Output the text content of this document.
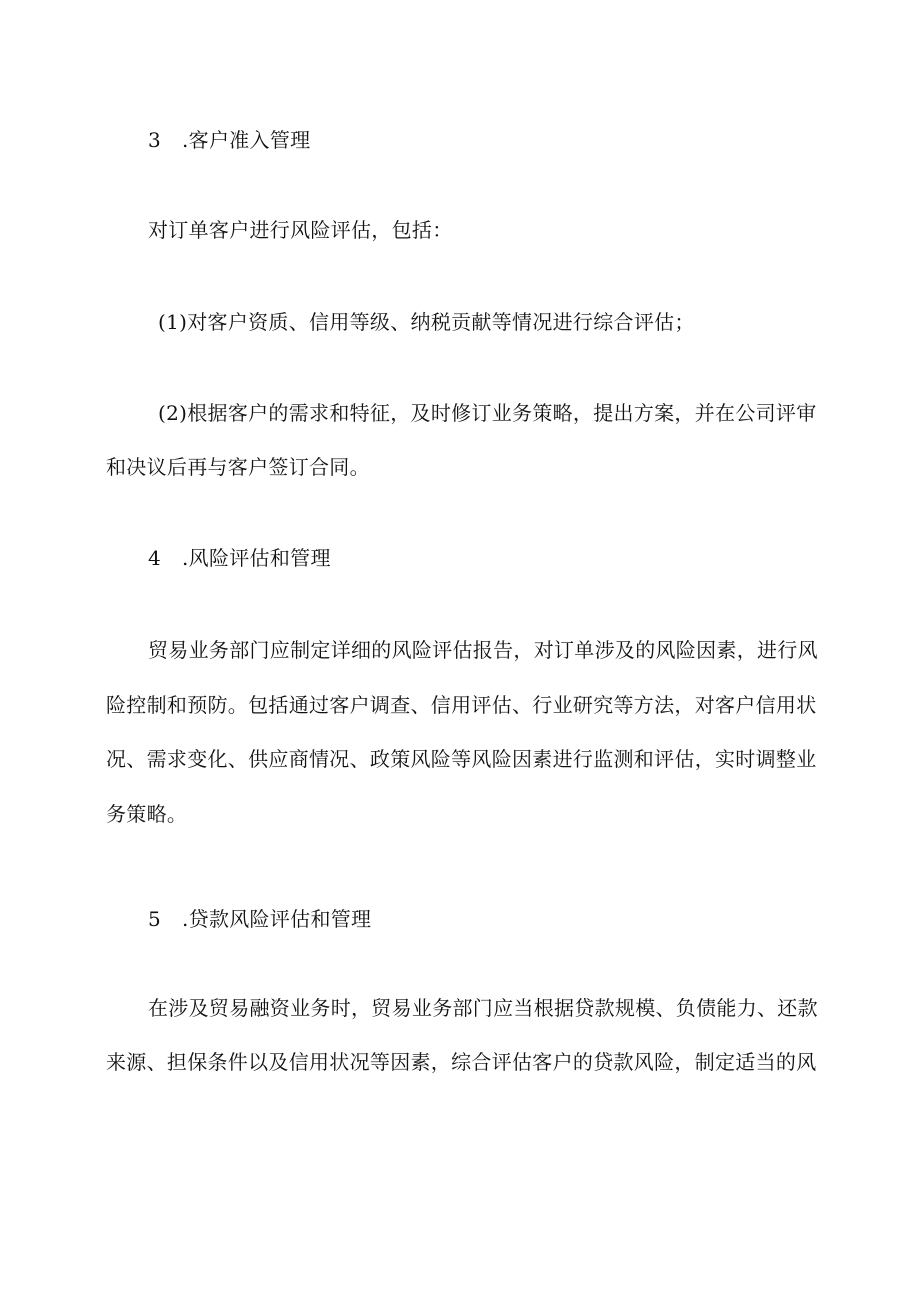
3 .客户准入管理

对订单客户进行风险评估，包括：

(1)对客户资质、信用等级、纳税贡献等情况进行综合评估；

(2)根据客户的需求和特征，及时修订业务策略，提出方案，并在公司评审

和决议后再与客户签订合同。

4 .风险评估和管理

贸易业务部门应制定详细的风险评估报告，对订单涉及的风险因素，进行风

险控制和预防。包括通过客户调查、信用评估、行业研究等方法，对客户信用状

况、需求变化、供应商情况、政策风险等风险因素进行监测和评估，实时调整业

务策略。

5 .贷款风险评估和管理

在涉及贸易融资业务时，贸易业务部门应当根据贷款规模、负债能力、还款

来源、担保条件以及信用状况等因素，综合评估客户的贷款风险，制定适当的风
